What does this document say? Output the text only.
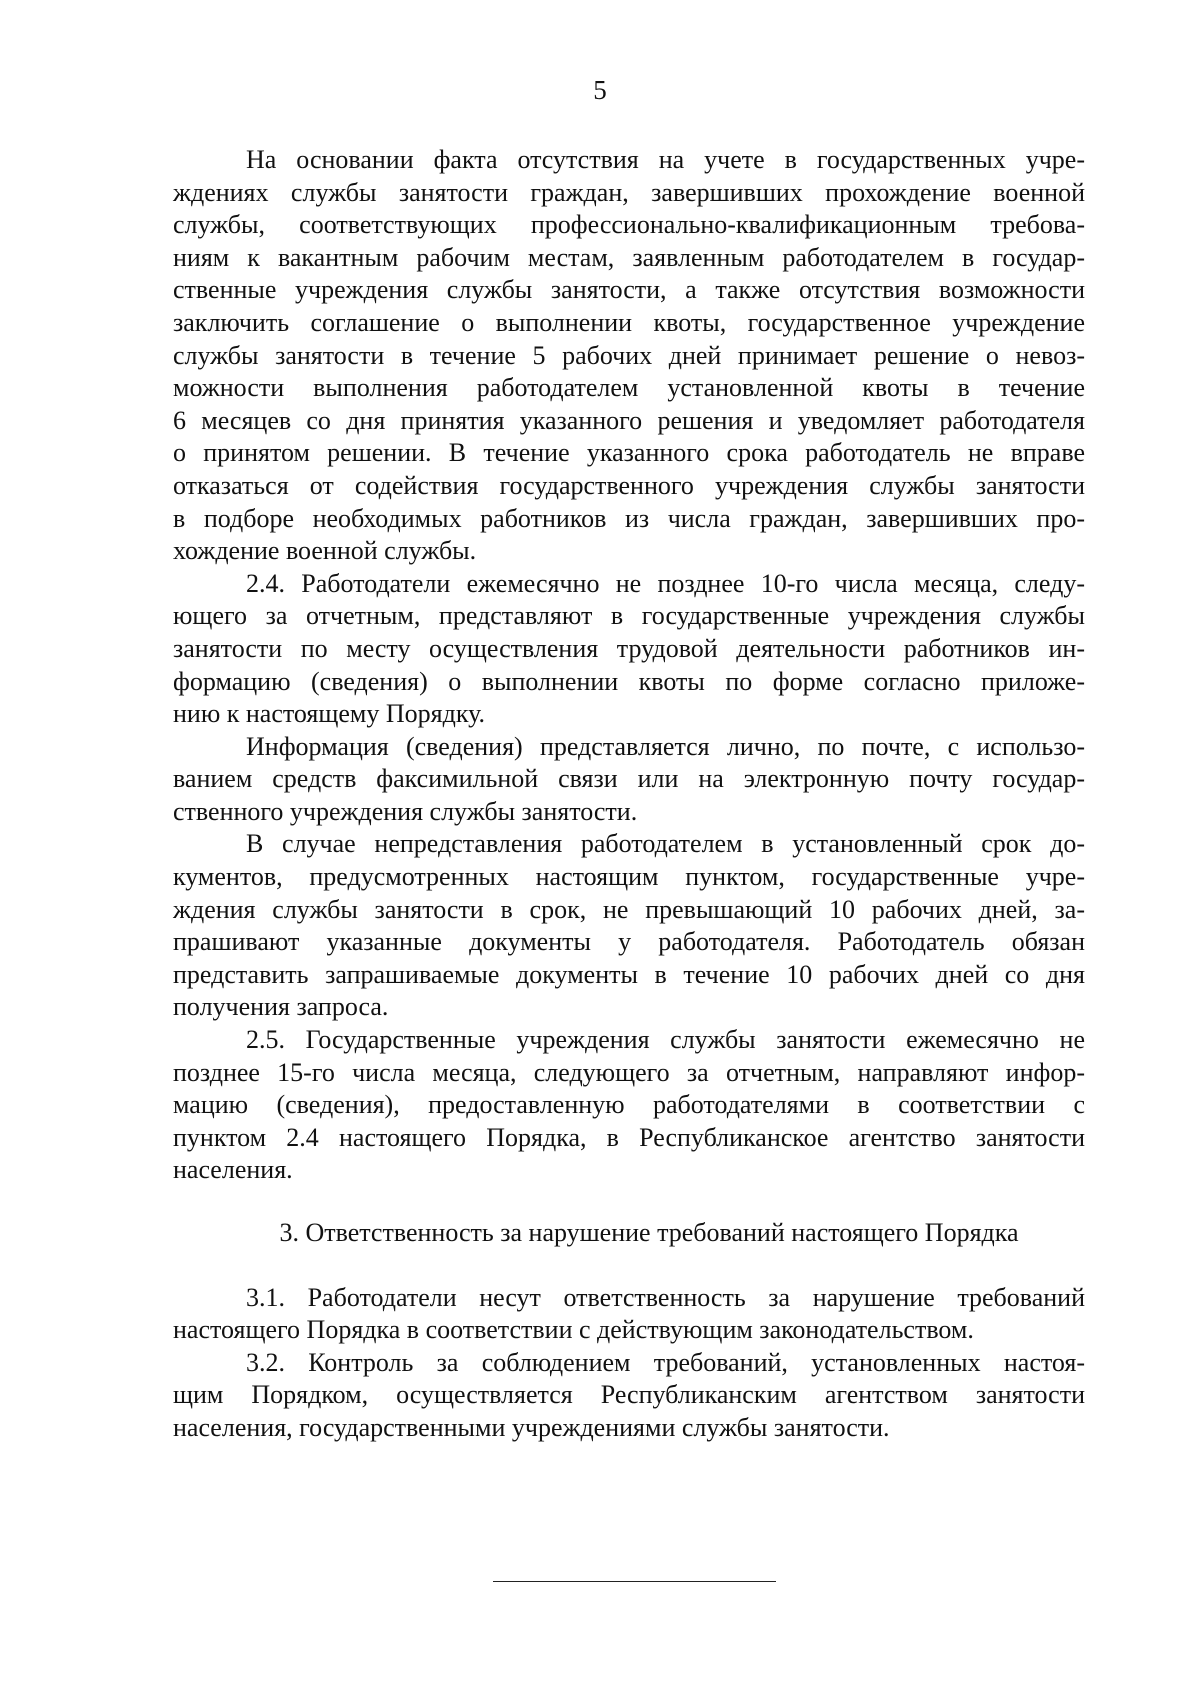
5
На основании факта отсутствия на учете в государственных учре-
ждениях службы занятости граждан, завершивших прохождение военной
службы, соответствующих профессионально-квалификационным требова-
ниям к вакантным рабочим местам, заявленным работодателем в государ-
ственные учреждения службы занятости, а также отсутствия возможности
заключить соглашение о выполнении квоты, государственное учреждение
службы занятости в течение 5 рабочих дней принимает решение о невоз-
можности выполнения работодателем установленной квоты в течение
6 месяцев со дня принятия указанного решения и уведомляет работодателя
о принятом решении. В течение указанного срока работодатель не вправе
отказаться от содействия государственного учреждения службы занятости
в подборе необходимых работников из числа граждан, завершивших про-
хождение военной службы.
2.4. Работодатели ежемесячно не позднее 10-го числа месяца, следу-
ющего за отчетным, представляют в государственные учреждения службы
занятости по месту осуществления трудовой деятельности работников ин-
формацию (сведения) о выполнении квоты по форме согласно приложе-
нию к настоящему Порядку.
Информация (сведения) представляется лично, по почте, с использо-
ванием средств факсимильной связи или на электронную почту государ-
ственного учреждения службы занятости.
В случае непредставления работодателем в установленный срок до-
кументов, предусмотренных настоящим пунктом, государственные учре-
ждения службы занятости в срок, не превышающий 10 рабочих дней, за-
прашивают указанные документы у работодателя. Работодатель обязан
представить запрашиваемые документы в течение 10 рабочих дней со дня
получения запроса.
2.5. Государственные учреждения службы занятости ежемесячно не
позднее 15-го числа месяца, следующего за отчетным, направляют инфор-
мацию (сведения), предоставленную работодателями в соответствии с
пунктом 2.4 настоящего Порядка, в Республиканское агентство занятости
населения.
3. Ответственность за нарушение требований настоящего Порядка
3.1. Работодатели несут ответственность за нарушение требований
настоящего Порядка в соответствии с действующим законодательством.
3.2. Контроль за соблюдением требований, установленных настоя-
щим Порядком, осуществляется Республиканским агентством занятости
населения, государственными учреждениями службы занятости.
